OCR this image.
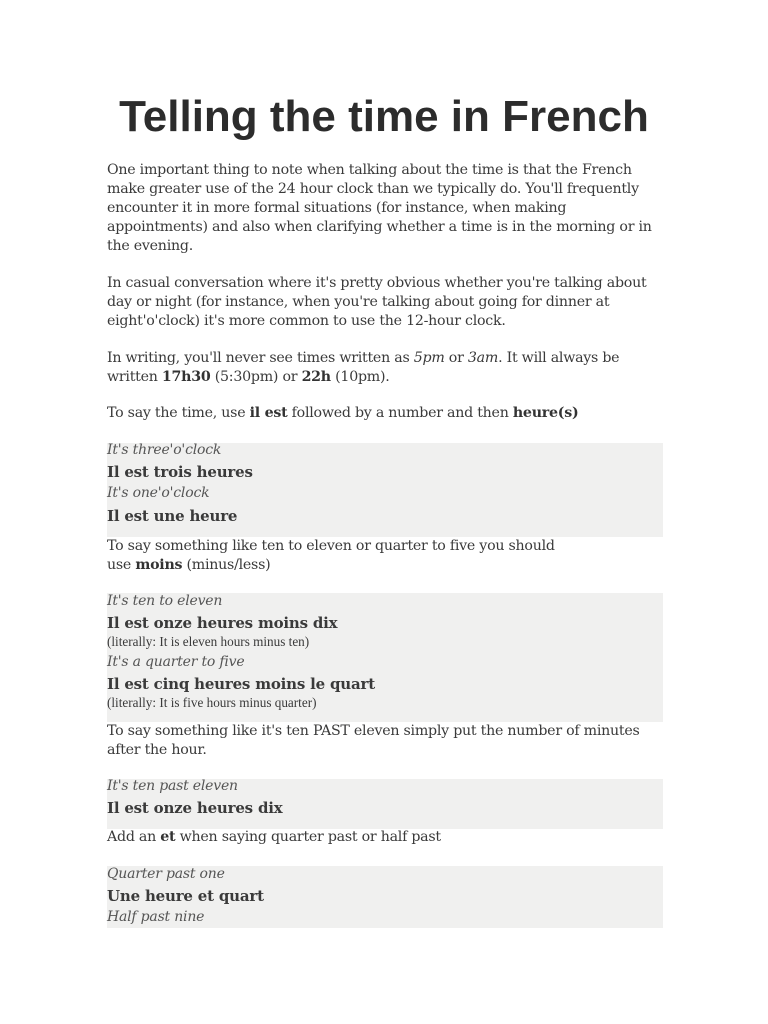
Telling the time in French

One important thing to note when talking about the time is that the French make greater use of the 24 hour clock than we typically do. You'll frequently encounter it in more formal situations (for instance, when making appointments) and also when clarifying whether a time is in the morning or in the evening.

In casual conversation where it's pretty obvious whether you're talking about day or night (for instance, when you're talking about going for dinner at eight'o'clock) it's more common to use the 12-hour clock.

In writing, you'll never see times written as 5pm or 3am. It will always be written 17h30 (5:30pm) or 22h (10pm).

To say the time, use il est followed by a number and then heure(s)

It's three'o'clock
Il est trois heures
It's one'o'clock
Il est une heure

To say something like ten to eleven or quarter to five you should
use moins (minus/less)

It's ten to eleven
Il est onze heures moins dix
(literally: It is eleven hours minus ten)
It's a quarter to five
Il est cinq heures moins le quart
(literally: It is five hours minus quarter)

To say something like it's ten PAST eleven simply put the number of minutes after the hour.

It's ten past eleven
Il est onze heures dix

Add an et when saying quarter past or half past

Quarter past one
Une heure et quart
Half past nine
